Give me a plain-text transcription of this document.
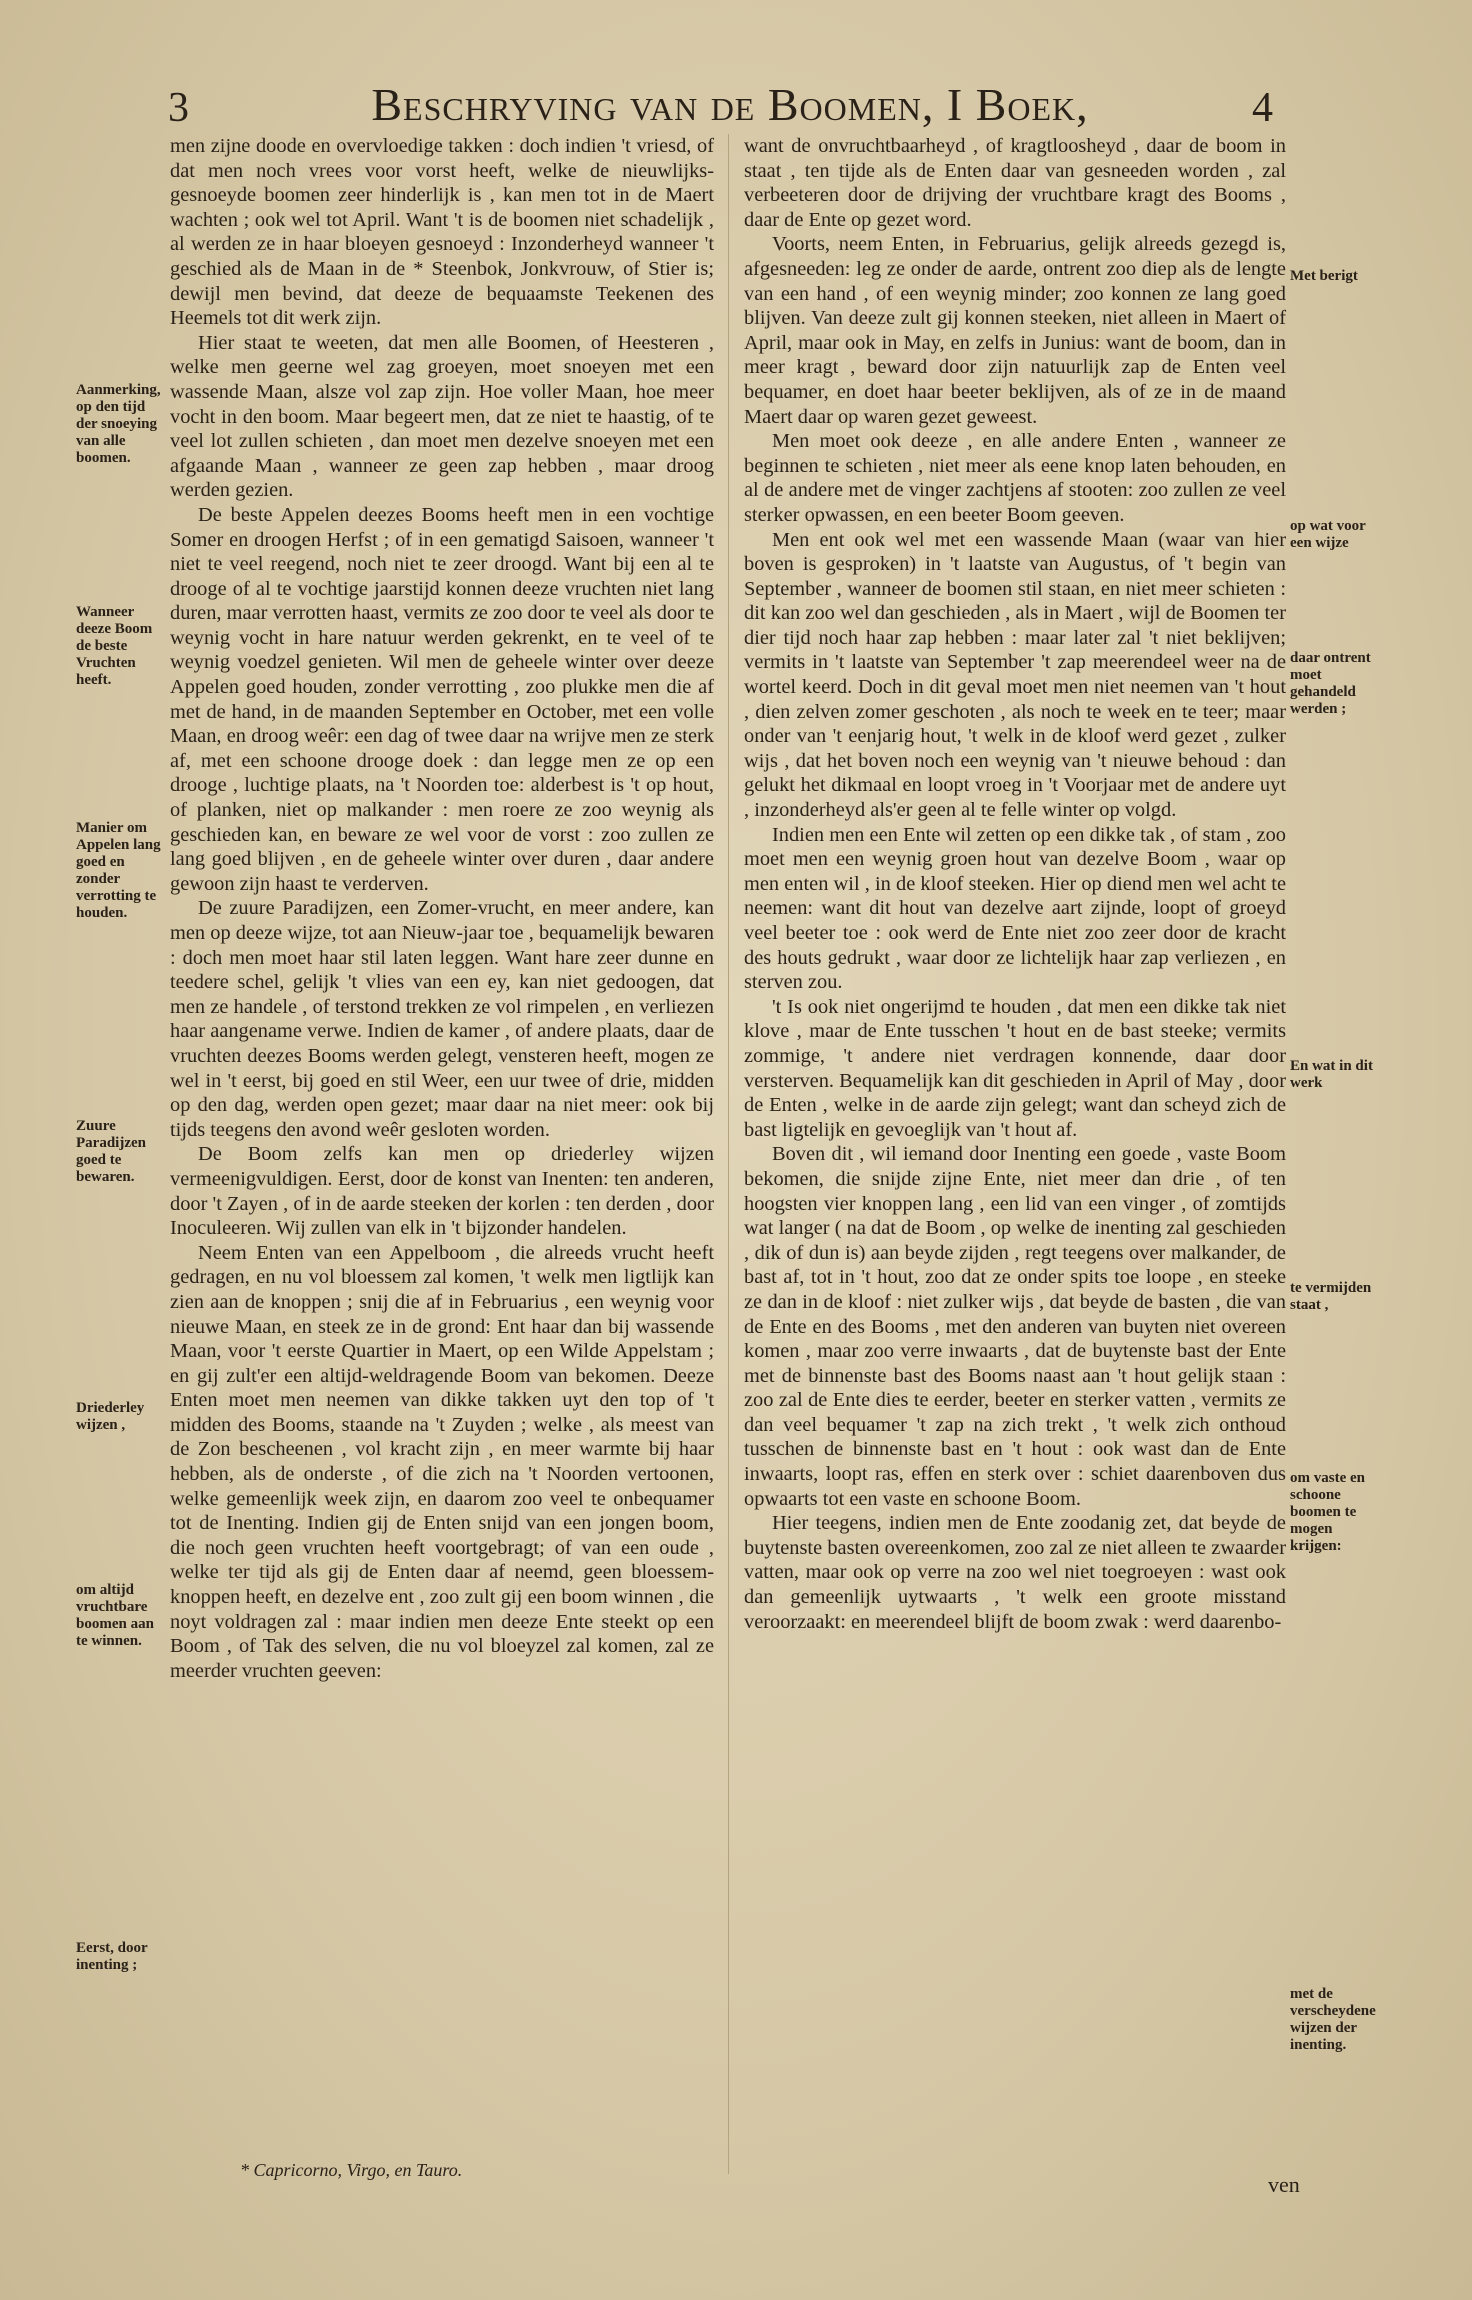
3	Beschryving van de Boomen, I Boek,	4

men zijne doode en overvloedige takken : doch indien 't vriesd, of dat men noch vrees voor vorst heeft, welke de nieuwlijks-gesnoeyde boomen zeer hinderlijk is , kan men tot in de Maert wachten ; ook wel tot April. Want 't is de boomen niet schadelijk , al werden ze in haar bloeyen gesnoeyd : Inzonderheyd wanneer 't geschied als de Maan in de * Steenbok, Jonkvrouw, of Stier is; dewijl men bevind, dat deeze de bequaamste Teekenen des Heemels tot dit werk zijn.

Hier staat te weeten, dat men alle Boomen, of Heesteren , welke men geerne wel zag groeyen, moet snoeyen met een wassende Maan, alsze vol zap zijn. Hoe voller Maan, hoe meer vocht in den boom. Maar begeert men, dat ze niet te haastig, of te veel lot zullen schieten , dan moet men dezelve snoeyen met een afgaande Maan , wanneer ze geen zap hebben , maar droog werden gezien.

De beste Appelen deezes Booms heeft men in een vochtige Somer en droogen Herfst ; of in een gematigd Saisoen, wanneer 't niet te veel reegend, noch niet te zeer droogd. Want bij een al te drooge of al te vochtige jaarstijd konnen deeze vruchten niet lang duren, maar verrotten haast, vermits ze zoo door te veel als door te weynig vocht in hare natuur werden gekrenkt, en te veel of te weynig voedzel genieten. Wil men de geheele winter over deeze Appelen goed houden, zonder verrotting , zoo plukke men die af met de hand, in de maanden September en October, met een volle Maan, en droog weêr: een dag of twee daar na wrijve men ze sterk af, met een schoone drooge doek : dan legge men ze op een drooge , luchtige plaats, na 't Noorden toe: alderbest is 't op hout, of planken, niet op malkander : men roere ze zoo weynig als geschieden kan, en beware ze wel voor de vorst : zoo zullen ze lang goed blijven , en de geheele winter over duren , daar andere gewoon zijn haast te verderven.

De zuure Paradijzen, een Zomer-vrucht, en meer andere, kan men op deeze wijze, tot aan Nieuw-jaar toe , bequamelijk bewaren : doch men moet haar stil laten leggen. Want hare zeer dunne en teedere schel, gelijk 't vlies van een ey, kan niet gedoogen, dat men ze handele , of terstond trekken ze vol rimpelen , en verliezen haar aangename verwe. Indien de kamer , of andere plaats, daar de vruchten deezes Booms werden gelegt, vensteren heeft, mogen ze wel in 't eerst, bij goed en stil Weer, een uur twee of drie, midden op den dag, werden open gezet; maar daar na niet meer: ook bij tijds teegens den avond weêr gesloten worden.

De Boom zelfs kan men op driederley wijzen vermeenigvuldigen. Eerst, door de konst van Inenten: ten anderen, door 't Zayen , of in de aarde steeken der korlen : ten derden , door Inoculeeren. Wij zullen van elk in 't bijzonder handelen.

Neem Enten van een Appelboom , die alreeds vrucht heeft gedragen, en nu vol bloessem zal komen, 't welk men ligtlijk kan zien aan de knoppen ; snij die af in Februarius , een weynig voor nieuwe Maan, en steek ze in de grond: Ent haar dan bij wassende Maan, voor 't eerste Quartier in Maert, op een Wilde Appelstam ; en gij zult'er een altijd-weldragende Boom van bekomen. Deeze Enten moet men neemen van dikke takken uyt den top of 't midden des Booms, staande na 't Zuyden ; welke , als meest van de Zon bescheenen , vol kracht zijn , en meer warmte bij haar hebben, als de onderste , of die zich na 't Noorden vertoonen, welke gemeenlijk week zijn, en daarom zoo veel te onbequamer tot de Inenting. Indien gij de Enten snijd van een jongen boom, die noch geen vruchten heeft voortgebragt; of van een oude , welke ter tijd als gij de Enten daar af neemd, geen bloessem-knoppen heeft, en dezelve ent , zoo zult gij een boom winnen , die noyt voldragen zal : maar indien men deeze Ente steekt op een Boom , of Tak des selven, die nu vol bloeyzel zal komen, zal ze meerder vruchten geeven:

* Capricorno, Virgo, en Tauro.

want de onvruchtbaarheyd , of kragtloosheyd , daar de boom in staat , ten tijde als de Enten daar van gesneeden worden , zal verbeeteren door de drijving der vruchtbare kragt des Booms , daar de Ente op gezet word.

Voorts, neem Enten, in Februarius, gelijk alreeds gezegd is, afgesneeden: leg ze onder de aarde, ontrent zoo diep als de lengte van een hand , of een weynig minder; zoo konnen ze lang goed blijven. Van deeze zult gij konnen steeken, niet alleen in Maert of April, maar ook in May, en zelfs in Junius: want de boom, dan in meer kragt , beward door zijn natuurlijk zap de Enten veel bequamer, en doet haar beeter beklijven, als of ze in de maand Maert daar op waren gezet geweest.

Men moet ook deeze , en alle andere Enten , wanneer ze beginnen te schieten , niet meer als eene knop laten behouden, en al de andere met de vinger zachtjens af stooten: zoo zullen ze veel sterker opwassen, en een beeter Boom geeven.

Men ent ook wel met een wassende Maan (waar van hier boven is gesproken) in 't laatste van Augustus, of 't begin van September , wanneer de boomen stil staan, en niet meer schieten : dit kan zoo wel dan geschieden , als in Maert , wijl de Boomen ter dier tijd noch haar zap hebben : maar later zal 't niet beklijven; vermits in 't laatste van September 't zap meerendeel weer na de wortel keerd. Doch in dit geval moet men niet neemen van 't hout , dien zelven zomer geschoten , als noch te week en te teer; maar onder van 't eenjarig hout, 't welk in de kloof werd gezet , zulker wijs , dat het boven noch een weynig van 't nieuwe behoud : dan gelukt het dikmaal en loopt vroeg in 't Voorjaar met de andere uyt , inzonderheyd als'er geen al te felle winter op volgd.

Indien men een Ente wil zetten op een dikke tak , of stam , zoo moet men een weynig groen hout van dezelve Boom , waar op men enten wil , in de kloof steeken. Hier op diend men wel acht te neemen: want dit hout van dezelve aart zijnde, loopt of groeyd veel beeter toe : ook werd de Ente niet zoo zeer door de kracht des houts gedrukt , waar door ze lichtelijk haar zap verliezen , en sterven zou.

't Is ook niet ongerijmd te houden , dat men een dikke tak niet klove , maar de Ente tusschen 't hout en de bast steeke; vermits zommige, 't andere niet verdragen konnende, daar door versterven. Bequamelijk kan dit geschieden in April of May , door de Enten , welke in de aarde zijn gelegt; want dan scheyd zich de bast ligtelijk en gevoeglijk van 't hout af.

Boven dit , wil iemand door Inenting een goede , vaste Boom bekomen, die snijde zijne Ente, niet meer dan drie , of ten hoogsten vier knoppen lang , een lid van een vinger , of zomtijds wat langer ( na dat de Boom , op welke de inenting zal geschieden , dik of dun is) aan beyde zijden , regt teegens over malkander, de bast af, tot in 't hout, zoo dat ze onder spits toe loope , en steeke ze dan in de kloof : niet zulker wijs , dat beyde de basten , die van de Ente en des Booms , met den anderen van buyten niet overeen komen , maar zoo verre inwaarts , dat de buytenste bast der Ente met de binnenste bast des Booms naast aan 't hout gelijk staan : zoo zal de Ente dies te eerder, beeter en sterker vatten , vermits ze dan veel bequamer 't zap na zich trekt , 't welk zich onthoud tusschen de binnenste bast en 't hout : ook wast dan de Ente inwaarts, loopt ras, effen en sterk over : schiet daarenboven dus opwaarts tot een vaste en schoone Boom.

Hier teegens, indien men de Ente zoodanig zet, dat beyde de buytenste basten overeenkomen, zoo zal ze niet alleen te zwaarder vatten, maar ook op verre na zoo wel niet toegroeyen : wast ook dan gemeenlijk uytwaarts , 't welk een groote misstand veroorzaakt: en meerendeel blijft de boom zwak : werd daarenbo-

ven
Aanmerking, op den tijd der snoeying van alle boomen.
Wanneer deeze Boom de beste Vruchten heeft.
Manier om Appelen lang goed en zonder verrotting te houden.
Zuure Paradijzen goed te bewaren.
Driederley wijzen ,
om altijd vruchtbare boomen aan te winnen.
Eerst, door inenting ;
Met berigt
op wat voor een wijze
daar ontrent moet gehandeld werden ;
En wat in dit werk
te vermijden staat ,
om vaste en schoone boomen te mogen krijgen:
met de verscheydene wijzen der inenting.
